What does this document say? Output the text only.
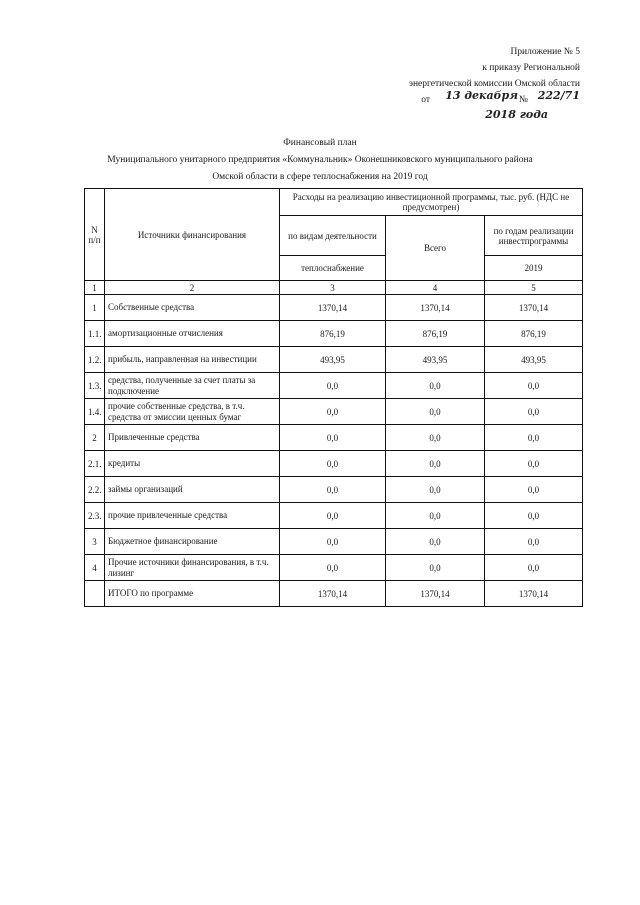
Приложение № 5
к приказу Региональной
энергетической комиссии Омской области
от 13 декабря № 222/71
2018 года
Финансовый план
Муниципального унитарного предприятия «Коммунальник» Оконешниковского муниципального района
Омской области в сфере теплоснабжения на 2019 год
N п/п	Источники финансирования	Расходы на реализацию инвестиционной программы, тыс. руб. (НДС не предусмотрен)		
		по видам деятельности	Всего	по годам реализации инвестпрограммы
		теплоснабжение		2019
1	2	3	4	5
1	Собственные средства	1370,14	1370,14	1370,14
1.1.	амортизационные отчисления	876,19	876,19	876,19
1.2.	прибыль, направленная на инвестиции	493,95	493,95	493,95
1.3.	средства, полученные за счет платы за подключение	0,0	0,0	0,0
1.4.	прочие собственные средства, в т.ч. средства от эмиссии ценных бумаг	0,0	0,0	0,0
2	Привлеченные средства	0,0	0,0	0,0
2.1.	кредиты	0,0	0,0	0,0
2.2.	займы организаций	0,0	0,0	0,0
2.3.	прочие привлеченные средства	0,0	0,0	0,0
3	Бюджетное финансирование	0,0	0,0	0,0
4	Прочие источники финансирования, в т.ч. лизинг	0,0	0,0	0,0
	ИТОГО по программе	1370,14	1370,14	1370,14
